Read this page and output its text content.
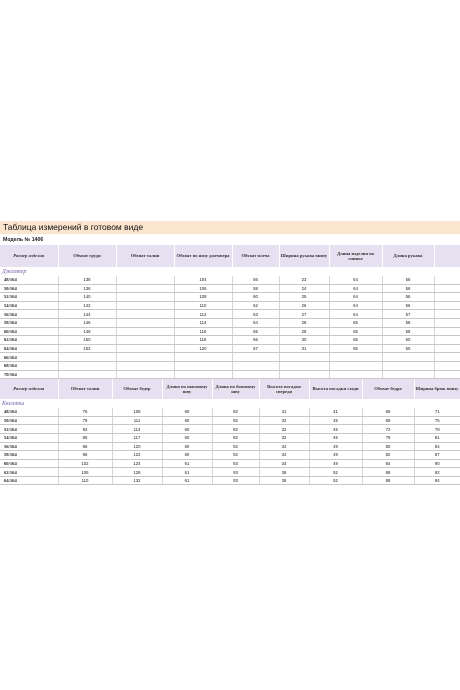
Таблица измерений в готовом виде
Модель № 1406
Размер изделия	Обхват груди	Обхват талии	Обхват по низу джемпера	Обхват плеча	Ширина рукава внизу	Длина изделия по спинке	Длина рукава	
Джемпер								
48/164	138		104	56	23	64	56	
50/164	136		106	58	24	64	56	
52/164	140		108	60	25	64	56	
54/164	142		110	62	26	64	56	
56/164	144		112	63	27	64	57	
58/164	146		114	64	28	65	58	
60/164	148		116	65	28	65	58	
62/164	150		118	66	30	65	60	
64/164	152		120	67	31	65	60	
66/164								
68/164								
70/164								
Размер изделия	Обхват талии	Обхват бедер	Длина по шаговому шву	Длина по боковому шву	Высота посадки спереди	Высота посадки сзади	Обхват бедра	Ширина брюк внизу
Кюлоты								
48/164	76	108	60	92	31	41	66	71
50/164	79	111	60	92	32	45	68	75
52/164	82	114	60	92	32	45	72	78
54/164	85	117	60	92	32	45	76	81
56/164	86	120	60	92	34	49	80	84
58/164	96	122	60	92	34	49	82	87
60/164	102	124	61	93	34	49	84	90
62/164	106	128	61	93	36	52	86	92
64/164	110	132	61	93	36	52	88	94
